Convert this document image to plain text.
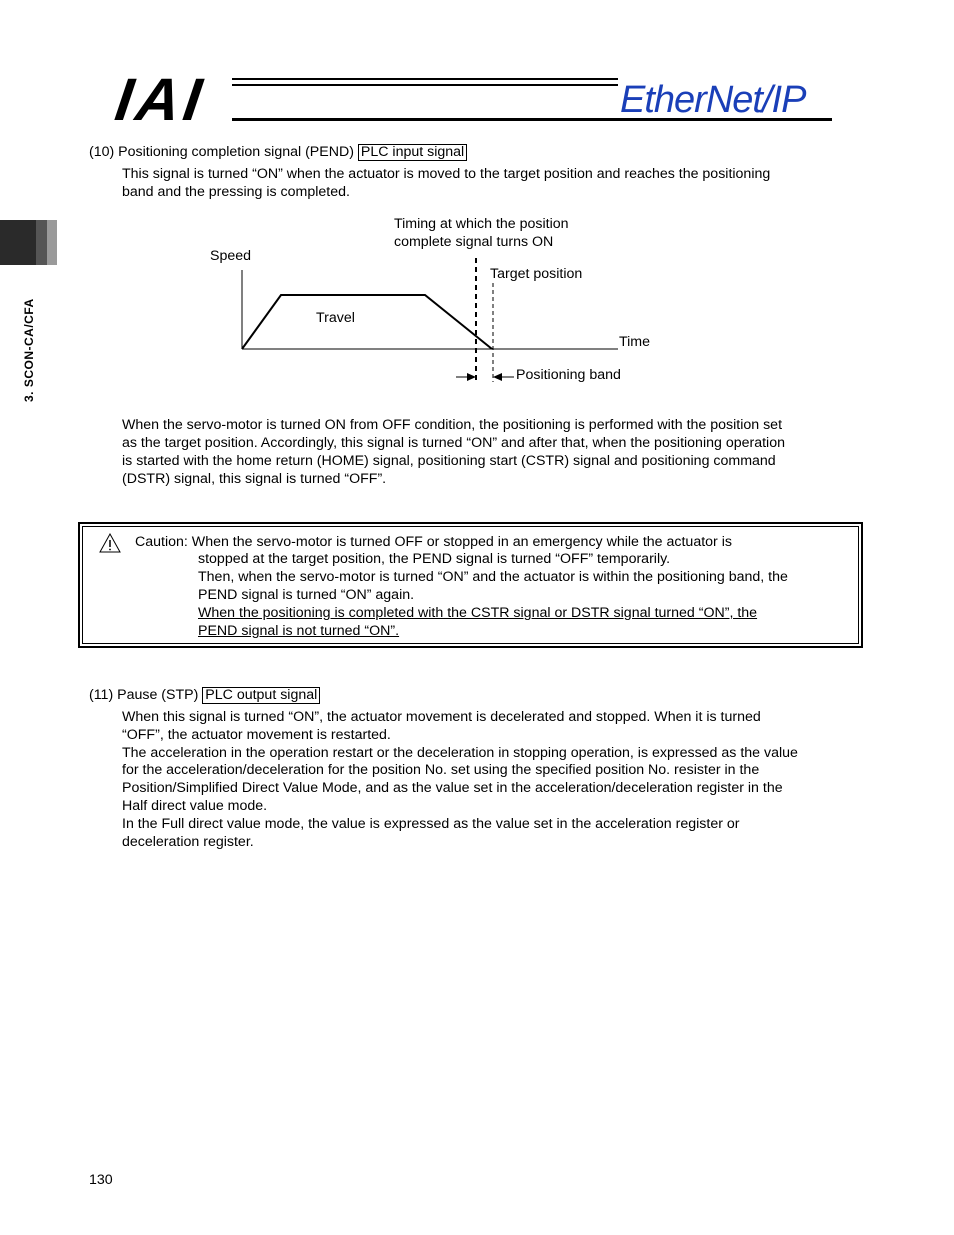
IAI	EtherNet/IP
3. SCON-CA/CFA
(10) Positioning completion signal (PEND) PLC input signal
This signal is turned “ON” when the actuator is moved to the target position and reaches the positioning
band and the pressing is completed.
Timing at which the position
complete signal turns ON
Speed
Target position
Travel
Time
Positioning band
When the servo-motor is turned ON from OFF condition, the positioning is performed with the position set
as the target position. Accordingly, this signal is turned “ON” and after that, when the positioning operation
is started with the home return (HOME) signal, positioning start (CSTR) signal and positioning command
(DSTR) signal, this signal is turned “OFF”.
Caution: When the servo-motor is turned OFF or stopped in an emergency while the actuator is
stopped at the target position, the PEND signal is turned “OFF” temporarily.
Then, when the servo-motor is turned “ON” and the actuator is within the positioning band, the
PEND signal is turned “ON” again.
When the positioning is completed with the CSTR signal or DSTR signal turned “ON”, the
PEND signal is not turned “ON”.
(11) Pause (STP) PLC output signal
When this signal is turned “ON”, the actuator movement is decelerated and stopped. When it is turned
“OFF”, the actuator movement is restarted.
The acceleration in the operation restart or the deceleration in stopping operation, is expressed as the value
for the acceleration/deceleration for the position No. set using the specified position No. resister in the
Position/Simplified Direct Value Mode, and as the value set in the acceleration/deceleration register in the
Half direct value mode.
In the Full direct value mode, the value is expressed as the value set in the acceleration register or
deceleration register.
130
